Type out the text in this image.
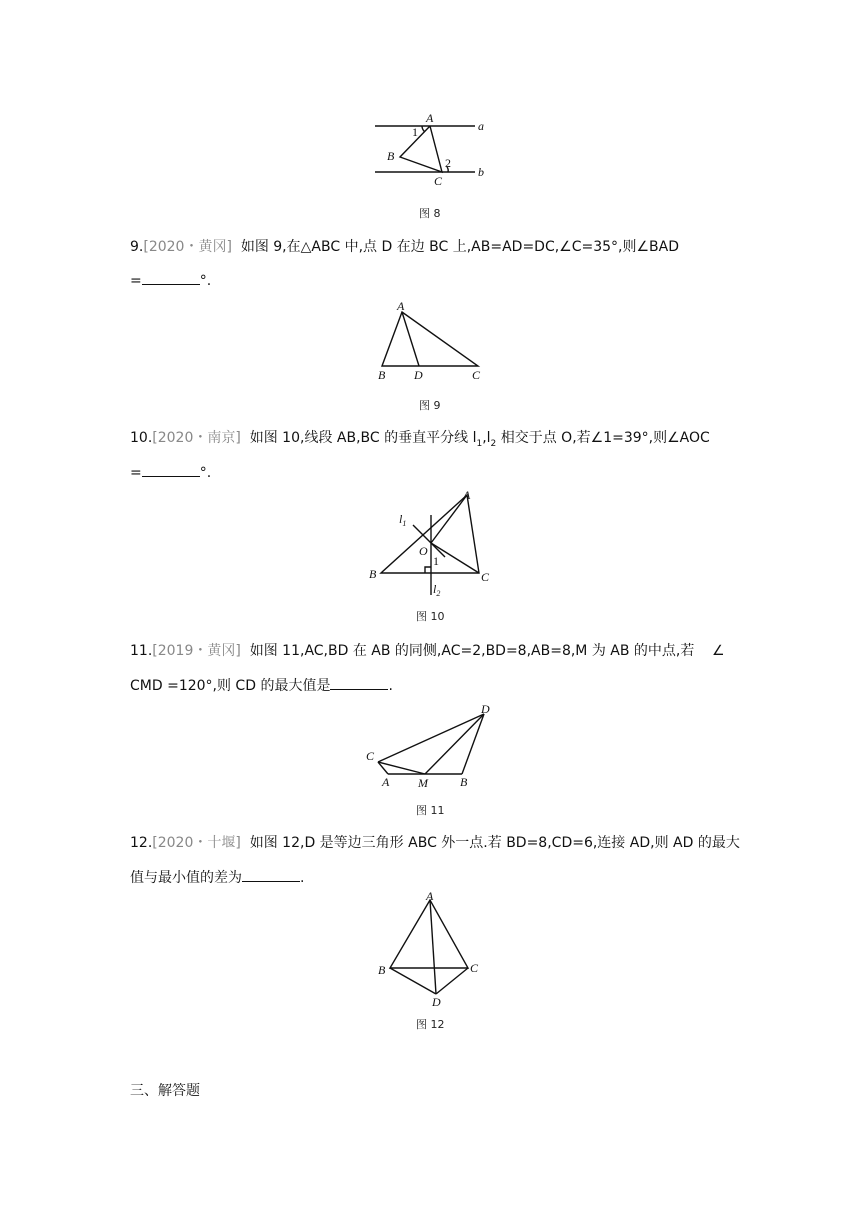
A
a
1
B	2
C
b
图 8
9.[2020・黄冈] 如图 9,在△ABC 中,点 D 在边 BC 上,AB=AD=DC,∠C=35°,则∠BAD
=	°.
A
B D	C
图 9
10.[2020・南京] 如图 10,线段 AB,BC 的垂直平分线 $l_1,l_2$ 相交于点 O,若∠1=39°,则∠AOC
=	°.
A
$l_1$
O
1
B	C
$l_2$
图 10
11.[2019・黄冈] 如图 11,AC,BD 在 AB 的同侧,AC=2,BD=8,AB=8,M 为 AB 的中点,若 ∠
CMD =120°,则 CD 的最大值是	.
D
C
A M	B
图 11
12.[2020・十堰] 如图 12,D 是等边三角形 ABC 外一点.若 BD=8,CD=6,连接 AD,则 AD 的最大
值与最小值的差为	.
A
B	C
D
图 12
三、解答题
